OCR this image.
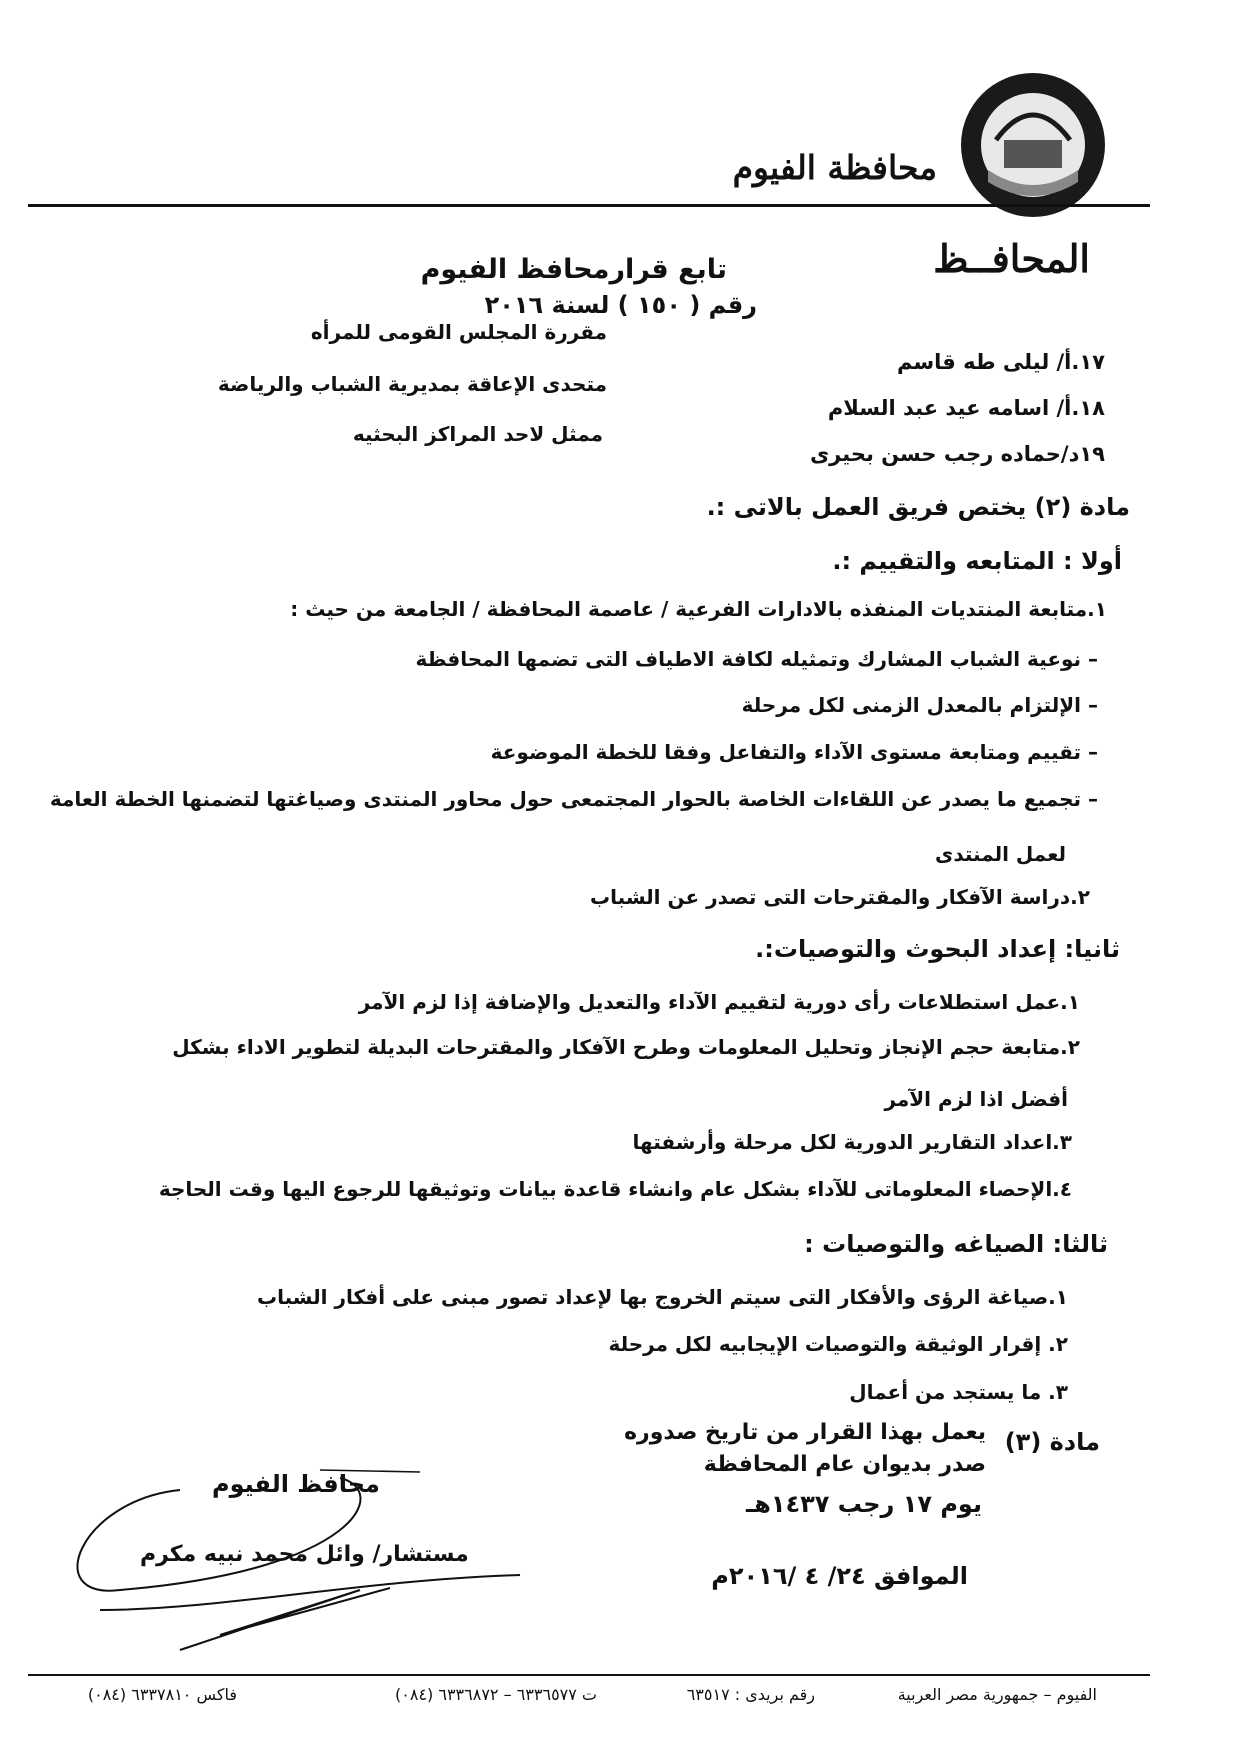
محافظة الفيوم
المحافــظ
تابع قرارمحافظ الفيوم
رقم ( ١٥٠ ) لسنة ٢٠١٦
مقررة المجلس القومى للمرأه
متحدى الإعاقة بمديرية الشباب والرياضة
ممثل لاحد المراكز البحثيه
١٧.أ/ ليلى طه قاسم
١٨.أ/ اسامه عيد عبد السلام
١٩د/حماده رجب حسن بحيرى
مادة (٢) يختص فريق العمل بالاتى :.
أولا : المتابعه والتقييم :.
١.متابعة المنتديات المنفذه بالادارات الفرعية / عاصمة المحافظة / الجامعة من حيث :
– نوعية الشباب المشارك وتمثيله لكافة الاطياف التى تضمها المحافظة
– الإلتزام بالمعدل الزمنى لكل مرحلة
– تقييم ومتابعة مستوى الآداء والتفاعل وفقا للخطة الموضوعة
– تجميع ما يصدر عن اللقاءات الخاصة بالحوار المجتمعى حول محاور المنتدى وصياغتها لتضمنها الخطة العامة
لعمل المنتدى
٢.دراسة الآفكار والمقترحات التى تصدر عن الشباب
ثانيا: إعداد البحوث والتوصيات:.
١.عمل استطلاعات رأى دورية لتقييم الآداء والتعديل والإضافة إذا لزم الآمر
٢.متابعة حجم الإنجاز وتحليل المعلومات وطرح الآفكار والمقترحات البديلة لتطوير الاداء بشكل
أفضل اذا لزم الآمر
٣.اعداد التقارير الدورية لكل مرحلة وأرشفتها
٤.الإحصاء المعلوماتى للآداء بشكل عام وانشاء قاعدة بيانات وتوثيقها للرجوع اليها وقت الحاجة
ثالثا: الصياغه والتوصيات :
١.صياغة الرؤى والأفكار التى سيتم الخروج بها لإعداد تصور مبنى على أفكار الشباب
٢. إقرار الوثيقة والتوصيات الإيجابيه لكل مرحلة
٣. ما يستجد من أعمال
مادة (٣)
يعمل بهذا القرار من تاريخ صدوره
صدر بديوان عام المحافظة
يوم ١٧ رجب ١٤٣٧هـ
الموافق ٢٤/ ٤ /٢٠١٦م
محافظ الفيوم
مستشار/ وائل محمد نبيه مكرم
الفيوم – جمهورية مصر العربية
رقم بريدى : ٦٣٥١٧
ت ٦٣٣٦٥٧٧ – ٦٣٣٦٨٧٢ (٠٨٤)
فاكس ٦٣٣٧٨١٠ (٠٨٤)
